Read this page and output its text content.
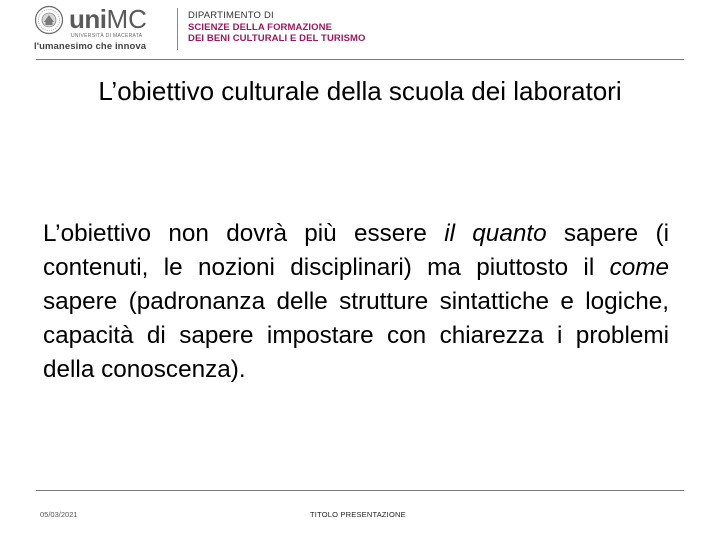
uniMC
UNIVERSITÀ DI MACERATA
l'umanesimo che innova
DIPARTIMENTO DI
SCIENZE DELLA FORMAZIONE
DEI BENI CULTURALI E DEL TURISMO
L’obiettivo culturale della scuola dei laboratori
L’obiettivo non dovrà più essere il quanto sapere (i contenuti, le nozioni disciplinari) ma piuttosto il come sapere (padronanza delle strutture sintattiche e logiche, capacità di sapere impostare con chiarezza i problemi della conoscenza).
05/03/2021	TITOLO PRESENTAZIONE
